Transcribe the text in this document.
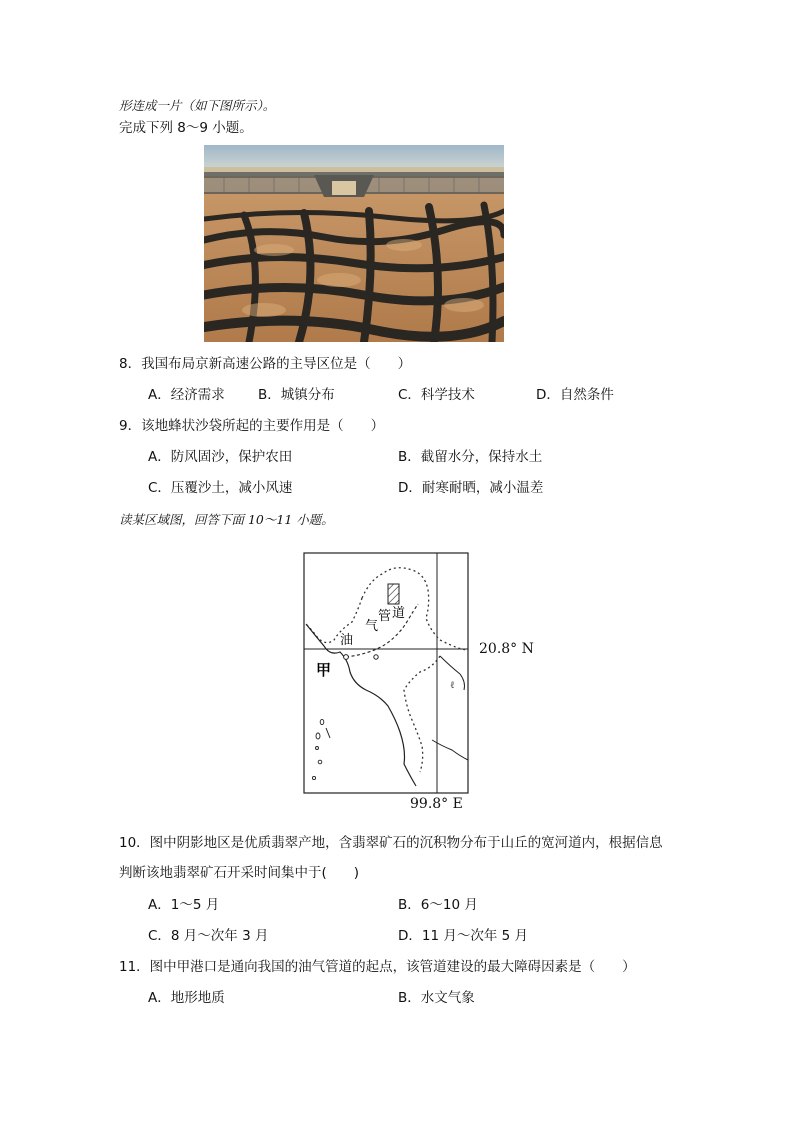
形连成一片（如下图所示）。
完成下列 8～9 小题。
8．我国布局京新高速公路的主导区位是（　　）
A．经济需求 B．城镇分布	C．科学技术	D．自然条件
9．该地蜂状沙袋所起的主要作用是（　　）
A．防风固沙，保护农田	B．截留水分，保持水土
C．压覆沙土，减小风速	D．耐寒耐晒，减小温差
读某区域图，回答下面 10～11 小题。
油
气
管 道
甲
ℓ
20.8° N
99.8° E
10．图中阴影地区是优质翡翠产地，含翡翠矿石的沉积物分布于山丘的宽河道内，根据信息
判断该地翡翠矿石开采时间集中于(　　)
A．1～5 月	B．6～10 月
C．8 月～次年 3 月	D．11 月～次年 5 月
11．图中甲港口是通向我国的油气管道的起点，该管道建设的最大障碍因素是（　　）
A．地形地质	B．水文气象
